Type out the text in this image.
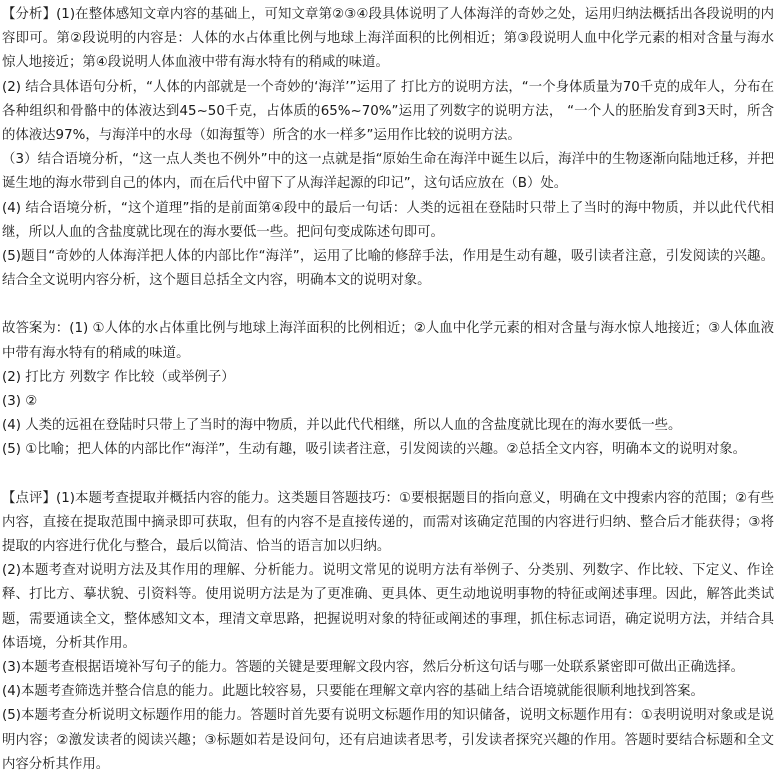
【分析】(1)在整体感知文章内容的基础上，可知文章第②③④段具体说明了人体海洋的奇妙之处，运用归纳法概括出各段说明的内容即可。第②段说明的内容是：人体的水占体重比例与地球上海洋面积的比例相近；第③段说明人血中化学元素的相对含量与海水惊人地接近；第④段说明人体血液中带有海水特有的稍咸的味道。

(2) 结合具体语句分析，“人体的内部就是一个奇妙的‘海洋’”运用了 打比方的说明方法，“一个身体质量为70千克的成年人，分布在各种组织和骨骼中的体液达到45~50千克，占体质的65%~70%”运用了列数字的说明方法， “一个人的胚胎发育到3天时，所含的体液达97%，与海洋中的水母（如海蜇等）所含的水一样多”运用作比较的说明方法。

（3）结合语境分析，“这一点人类也不例外”中的这一点就是指“原始生命在海洋中诞生以后，海洋中的生物逐渐向陆地迁移，并把诞生地的海水带到自己的体内，而在后代中留下了从海洋起源的印记”，这句话应放在（B）处。

(4) 结合语境分析，“这个道理”指的是前面第④段中的最后一句话：人类的远祖在登陆时只带上了当时的海中物质，并以此代代相继，所以人血的含盐度就比现在的海水要低一些。把问句变成陈述句即可。

(5)题目“奇妙的人体海洋把人体的内部比作“海洋”，运用了比喻的修辞手法，作用是生动有趣，吸引读者注意，引发阅读的兴趣。结合全文说明内容分析，这个题目总括全文内容，明确本文的说明对象。

故答案为：(1) ①人体的水占体重比例与地球上海洋面积的比例相近；②人血中化学元素的相对含量与海水惊人地接近；③人体血液中带有海水特有的稍咸的味道。

(2) 打比方 列数字 作比较（或举例子）

(3) ②

(4) 人类的远祖在登陆时只带上了当时的海中物质，并以此代代相继，所以人血的含盐度就比现在的海水要低一些。

(5) ①比喻；把人体的内部比作“海洋”，生动有趣，吸引读者注意，引发阅读的兴趣。②总括全文内容，明确本文的说明对象。

【点评】(1)本题考查提取并概括内容的能力。这类题目答题技巧：①要根据题目的指向意义，明确在文中搜索内容的范围；②有些内容，直接在提取范围中摘录即可获取，但有的内容不是直接传递的，而需对该确定范围的内容进行归纳、整合后才能获得；③将提取的内容进行优化与整合，最后以简洁、恰当的语言加以归纳。

(2)本题考查对说明方法及其作用的理解、分析能力。说明文常见的说明方法有举例子、分类别、列数字、作比较、下定义、作诠释、打比方、摹状貌、引资料等。使用说明方法是为了更准确、更具体、更生动地说明事物的特征或阐述事理。因此，解答此类试题，需要通读全文，整体感知文本，理清文章思路，把握说明对象的特征或阐述的事理，抓住标志词语，确定说明方法，并结合具体语境，分析其作用。

(3)本题考查根据语境补写句子的能力。答题的关键是要理解文段内容，然后分析这句话与哪一处联系紧密即可做出正确选择。

(4)本题考查筛选并整合信息的能力。此题比较容易，只要能在理解文章内容的基础上结合语境就能很顺利地找到答案。

(5)本题考查分析说明文标题作用的能力。答题时首先要有说明文标题作用的知识储备，说明文标题作用有：①表明说明对象或是说明内容；②激发读者的阅读兴趣；③标题如若是设问句，还有启迪读者思考，引发读者探究兴趣的作用。答题时要结合标题和全文内容分析其作用。
